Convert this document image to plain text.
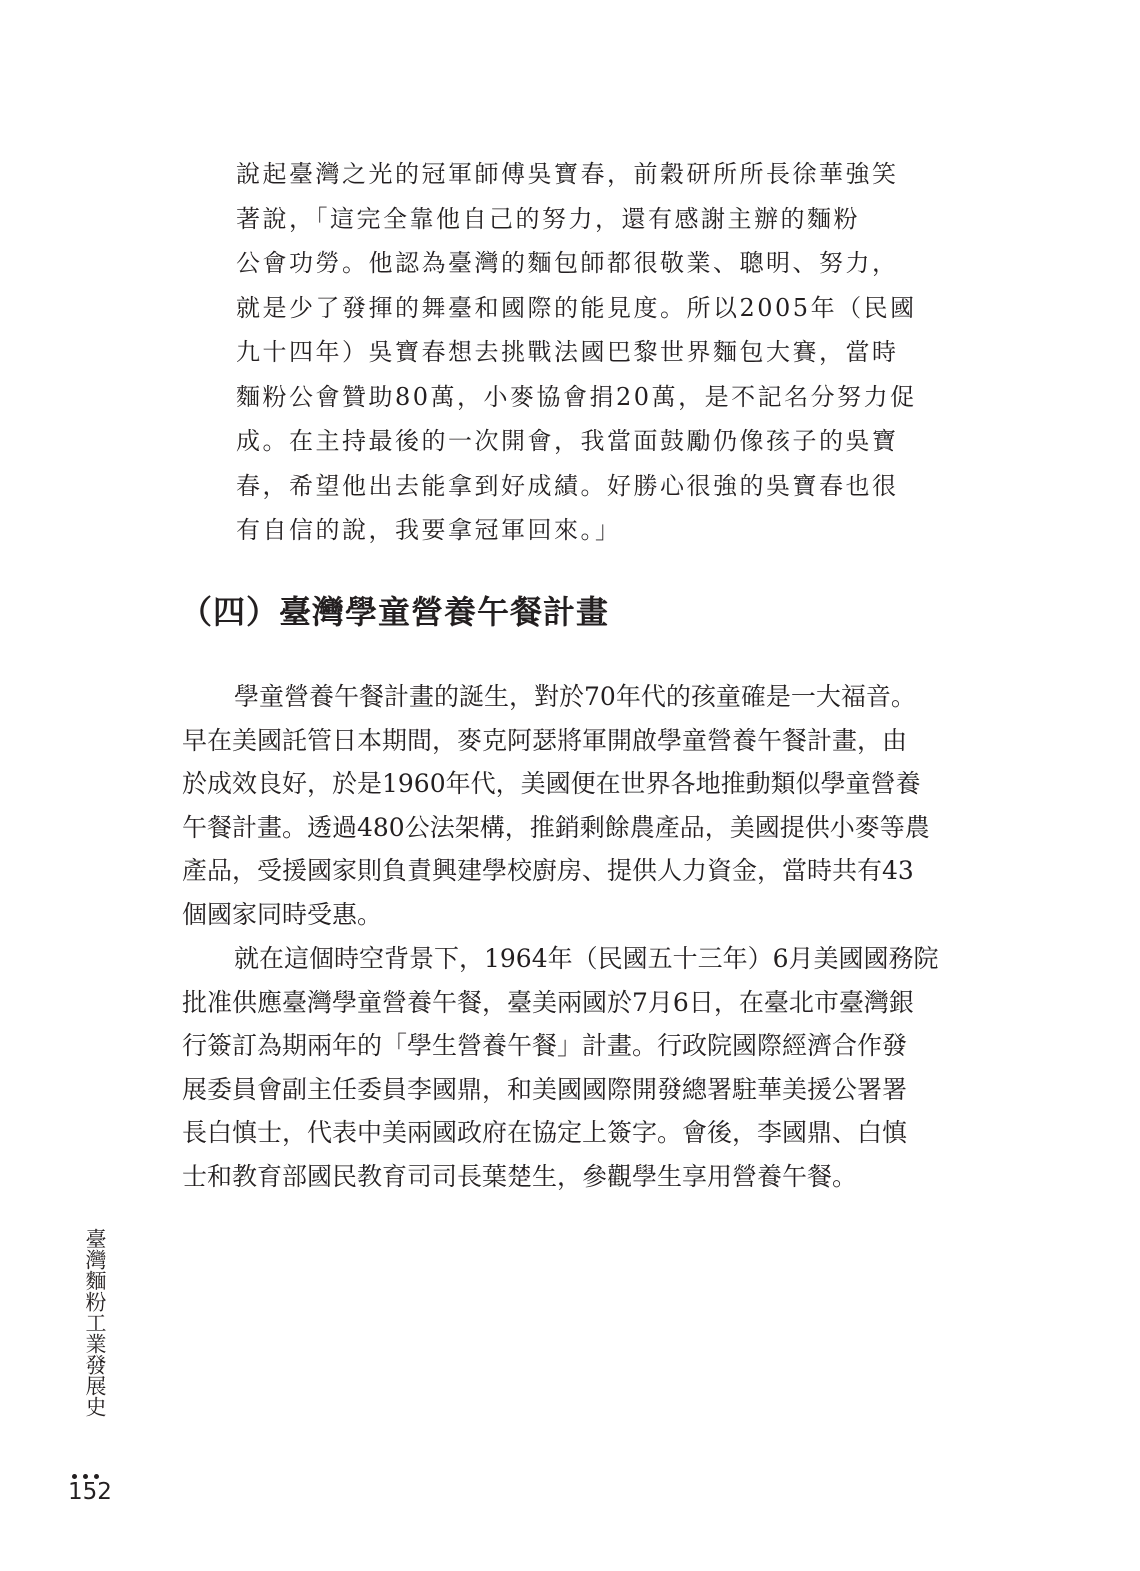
說起臺灣之光的冠軍師傅吳寶春，前穀研所所長徐華強笑
著說，「這完全靠他自己的努力，還有感謝主辦的麵粉
公會功勞。他認為臺灣的麵包師都很敬業、聰明、努力，
就是少了發揮的舞臺和國際的能見度。所以2005年（民國
九十四年）吳寶春想去挑戰法國巴黎世界麵包大賽，當時
麵粉公會贊助80萬，小麥協會捐20萬，是不記名分努力促
成。在主持最後的一次開會，我當面鼓勵仍像孩子的吳寶
春，希望他出去能拿到好成績。好勝心很強的吳寶春也很
有自信的說，我要拿冠軍回來。」
（四）臺灣學童營養午餐計畫
學童營養午餐計畫的誕生，對於70年代的孩童確是一大福音。
早在美國託管日本期間，麥克阿瑟將軍開啟學童營養午餐計畫，由
於成效良好，於是1960年代，美國便在世界各地推動類似學童營養
午餐計畫。透過480公法架構，推銷剩餘農產品，美國提供小麥等農
產品，受援國家則負責興建學校廚房、提供人力資金，當時共有43
個國家同時受惠。
就在這個時空背景下，1964年（民國五十三年）6月美國國務院
批准供應臺灣學童營養午餐，臺美兩國於7月6日，在臺北市臺灣銀
行簽訂為期兩年的「學生營養午餐」計畫。行政院國際經濟合作發
展委員會副主任委員李國鼎，和美國國際開發總署駐華美援公署署
長白慎士，代表中美兩國政府在協定上簽字。會後，李國鼎、白慎
士和教育部國民教育司司長葉楚生，參觀學生享用營養午餐。
臺灣麵粉工業發展史
152
